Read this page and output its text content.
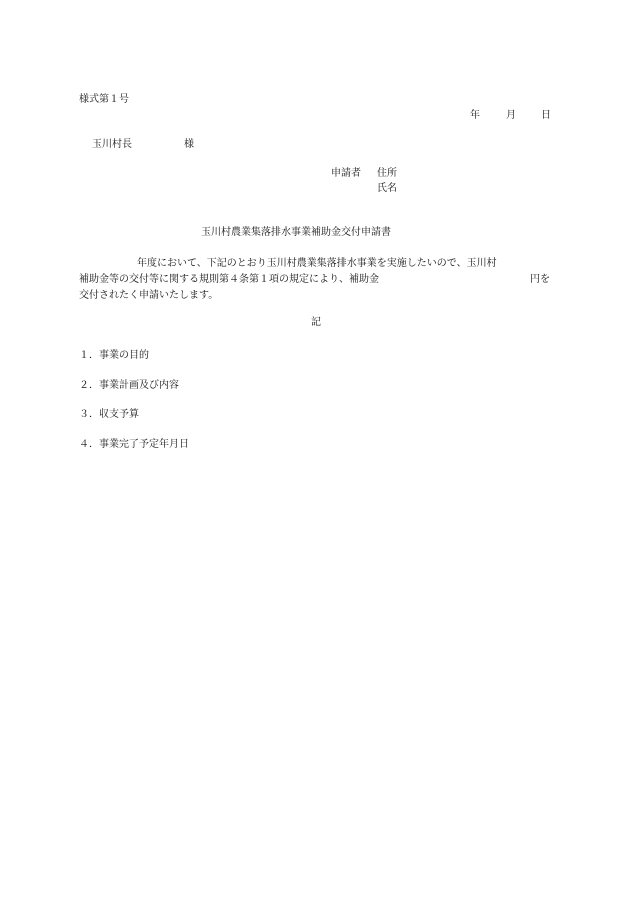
様式第１号
年	月	日
玉川村長	様
申請者 住所
氏名
玉川村農業集落排水事業補助金交付申請書
年度において、下記のとおり玉川村農業集落排水事業を実施したいので、玉川村
補助金等の交付等に関する規則第４条第１項の規定により、補助金	円を
交付されたく申請いたします。
記
１．事業の目的
２．事業計画及び内容
３．収支予算
４．事業完了予定年月日
